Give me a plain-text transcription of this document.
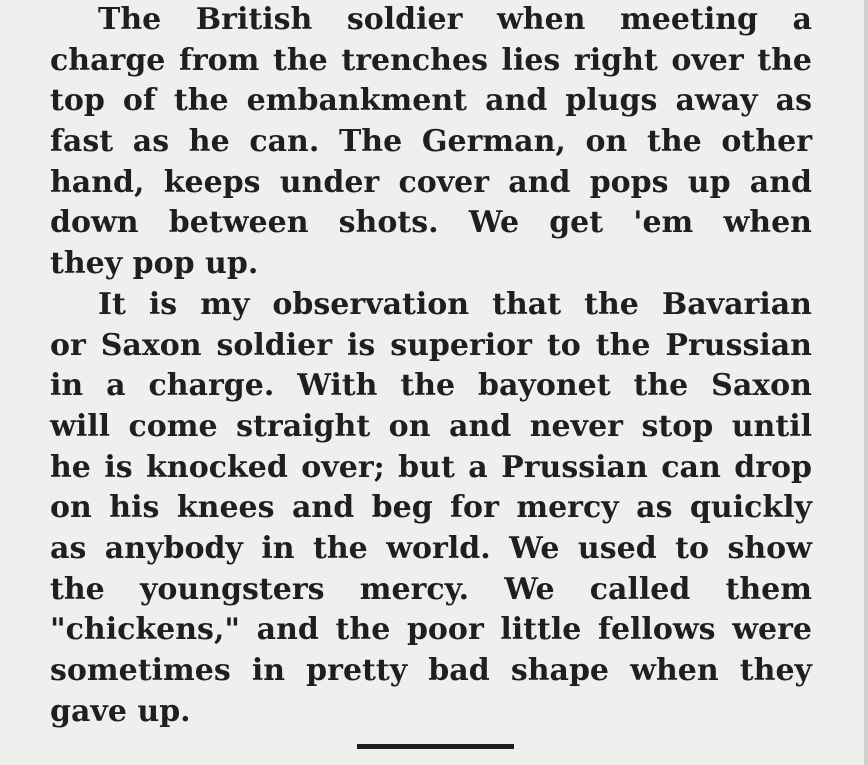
The British soldier when meeting a
charge from the trenches lies right over the
top of the embankment and plugs away as
fast as he can. The German, on the other
hand, keeps under cover and pops up and
down between shots. We get 'em when
they pop up.
It is my observation that the Bavarian
or Saxon soldier is superior to the Prussian
in a charge. With the bayonet the Saxon
will come straight on and never stop until
he is knocked over; but a Prussian can drop
on his knees and beg for mercy as quickly
as anybody in the world. We used to show
the youngsters mercy. We called them
"chickens," and the poor little fellows were
sometimes in pretty bad shape when they
gave up.
